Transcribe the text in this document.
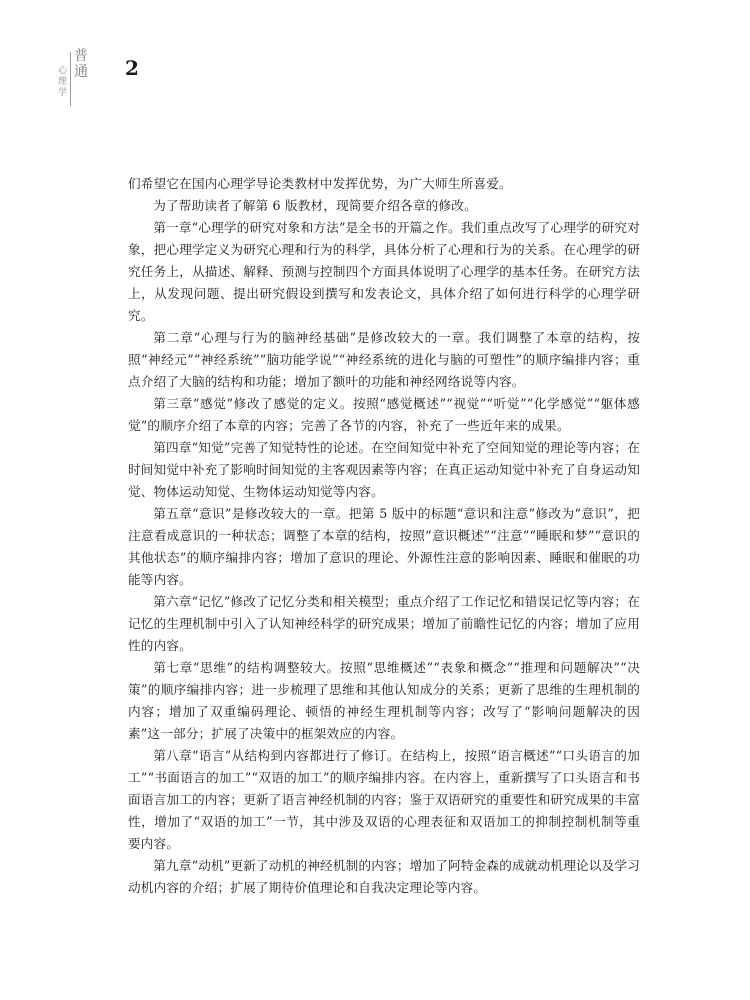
普
通
心
理
学
2

们希望它在国内心理学导论类教材中发挥优势，为广大师生所喜爱。

为了帮助读者了解第 6 版教材，现简要介绍各章的修改。

第一章“心理学的研究对象和方法”是全书的开篇之作。我们重点改写了心理学的研究对象，把心理学定义为研究心理和行为的科学，具体分析了心理和行为的关系。在心理学的研究任务上，从描述、解释、预测与控制四个方面具体说明了心理学的基本任务。在研究方法上，从发现问题、提出研究假设到撰写和发表论文，具体介绍了如何进行科学的心理学研究。

第二章“心理与行为的脑神经基础”是修改较大的一章。我们调整了本章的结构，按照“神经元”“神经系统”“脑功能学说”“神经系统的进化与脑的可塑性”的顺序编排内容；重点介绍了大脑的结构和功能；增加了额叶的功能和神经网络说等内容。

第三章“感觉”修改了感觉的定义。按照“感觉概述”“视觉”“听觉”“化学感觉”“躯体感觉”的顺序介绍了本章的内容；完善了各节的内容，补充了一些近年来的成果。

第四章“知觉”完善了知觉特性的论述。在空间知觉中补充了空间知觉的理论等内容；在时间知觉中补充了影响时间知觉的主客观因素等内容；在真正运动知觉中补充了自身运动知觉、物体运动知觉、生物体运动知觉等内容。

第五章“意识”是修改较大的一章。把第 5 版中的标题“意识和注意”修改为“意识”，把注意看成意识的一种状态；调整了本章的结构，按照“意识概述”“注意”“睡眠和梦”“意识的其他状态”的顺序编排内容；增加了意识的理论、外源性注意的影响因素、睡眠和催眠的功能等内容。

第六章“记忆”修改了记忆分类和相关模型；重点介绍了工作记忆和错误记忆等内容；在记忆的生理机制中引入了认知神经科学的研究成果；增加了前瞻性记忆的内容；增加了应用性的内容。

第七章“思维”的结构调整较大。按照“思维概述”“表象和概念”“推理和问题解决”“决策”的顺序编排内容；进一步梳理了思维和其他认知成分的关系；更新了思维的生理机制的内容；增加了双重编码理论、顿悟的神经生理机制等内容；改写了“影响问题解决的因素”这一部分；扩展了决策中的框架效应的内容。

第八章“语言”从结构到内容都进行了修订。在结构上，按照“语言概述”“口头语言的加工”“书面语言的加工”“双语的加工”的顺序编排内容。在内容上，重新撰写了口头语言和书面语言加工的内容；更新了语言神经机制的内容；鉴于双语研究的重要性和研究成果的丰富性，增加了“双语的加工”一节，其中涉及双语的心理表征和双语加工的抑制控制机制等重要内容。

第九章“动机”更新了动机的神经机制的内容；增加了阿特金森的成就动机理论以及学习动机内容的介绍；扩展了期待价值理论和自我决定理论等内容。
